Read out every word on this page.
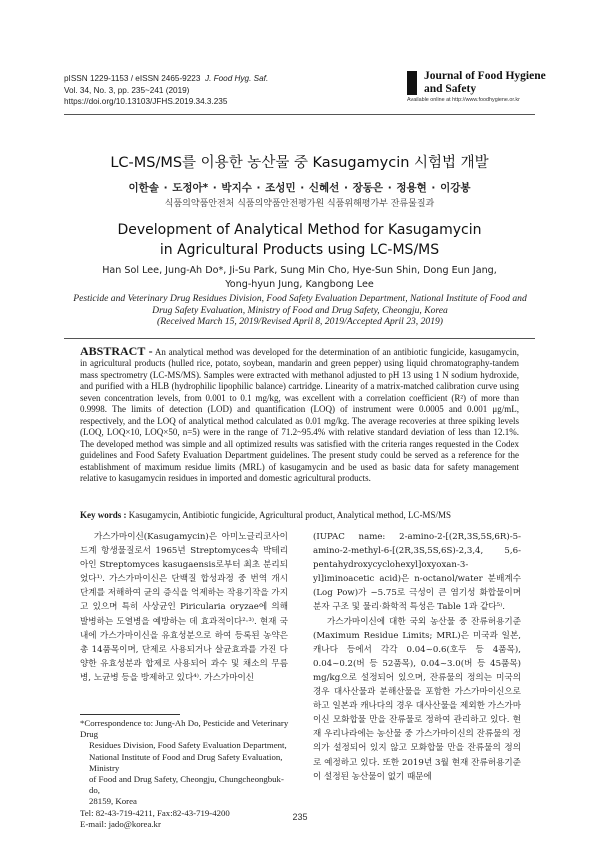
pISSN 1229-1153 / eISSN 2465-9223 J. Food Hyg. Saf.
Vol. 34, No. 3, pp. 235~241 (2019)
https://doi.org/10.13103/JFHS.2019.34.3.235
Journal of Food Hygiene
and Safety
Available online at http://www.foodhygiene.or.kr
LC-MS/MS를 이용한 농산물 중 Kasugamycin 시험법 개발
이한솔 · 도정아* · 박지수 · 조성민 · 신혜선 · 장동은 · 정용현 · 이강봉
식품의약품안전처 식품의약품안전평가원 식품위해평가부 잔류물질과
Development of Analytical Method for Kasugamycin
in Agricultural Products using LC-MS/MS
Han Sol Lee, Jung-Ah Do*, Ji-Su Park, Sung Min Cho, Hye-Sun Shin, Dong Eun Jang,
Yong-hyun Jung, Kangbong Lee
Pesticide and Veterinary Drug Residues Division, Food Safety Evaluation Department, National Institute of Food and
Drug Safety Evaluation, Ministry of Food and Drug Safety, Cheongju, Korea
(Received March 15, 2019/Revised April 8, 2019/Accepted April 23, 2019)
ABSTRACT - An analytical method was developed for the determination of an antibiotic fungicide, kasugamycin, in agricultural products (hulled rice, potato, soybean, mandarin and green pepper) using liquid chromatography-tandem mass spectrometry (LC-MS/MS). Samples were extracted with methanol adjusted to pH 13 using 1 N sodium hydroxide, and purified with a HLB (hydrophilic lipophilic balance) cartridge. Linearity of a matrix-matched calibration curve using seven concentration levels, from 0.001 to 0.1 mg/kg, was excellent with a correlation coefficient (R²) of more than 0.9998. The limits of detection (LOD) and quantification (LOQ) of instrument were 0.0005 and 0.001 μg/mL, respectively, and the LOQ of analytical method calculated as 0.01 mg/kg. The average recoveries at three spiking levels (LOQ, LOQ×10, LOQ×50, n=5) were in the range of 71.2~95.4% with relative standard deviation of less than 12.1%. The developed method was simple and all optimized results was satisfied with the criteria ranges requested in the Codex guidelines and Food Safety Evaluation Department guidelines. The present study could be served as a reference for the establishment of maximum residue limits (MRL) of kasugamycin and be used as basic data for safety management relative to kasugamycin residues in imported and domestic agricultural products.
Key words : Kasugamycin, Antibiotic fungicide, Agricultural product, Analytical method, LC-MS/MS

가스가마이신(Kasugamycin)은 아미노글리코사이드계 항생물질로서 1965년 Streptomyces속 박테리아인 Streptomyces kasugaensis로부터 최초 분리되었다¹⁾. 가스가마이신은 단백질 합성과정 중 번역 개시 단계를 저해하여 균의 증식을 억제하는 작용기작을 가지고 있으며 특히 사상균인 Piricularia oryzae에 의해 발병하는 도열병을 예방하는 데 효과적이다²·³⁾. 현재 국내에 가스가마이신을 유효성분으로 하여 등록된 농약은 총 14품목이며, 단제로 사용되거나 살균효과를 가진 다양한 유효성분과 합제로 사용되어 과수 및 채소의 무름병, 노균병 등을 방제하고 있다⁴⁾. 가스가마이신

(IUPAC name: 2-amino-2-[(2R,3S,5S,6R)-5-amino-2-methyl-6-[(2R,3S,5S,6S)-2,3,4, 5,6-pentahydroxycyclohexyl]oxyoxan-3-yl]iminoacetic acid)은 n-octanol/water 분배계수(Log Pow)가 −5.75로 극성이 큰 염기성 화합물이며 분자 구조 및 물리·화학적 특성은 Table 1과 같다⁵⁾.

가스가마이신에 대한 국외 농산물 중 잔류허용기준 (Maximum Residue Limits; MRL)은 미국과 일본, 캐나다 등에서 각각 0.04~0.6(호두 등 4품목), 0.04~0.2(버 등 52품목), 0.04~3.0(버 등 45품목) mg/kg으로 설정되어 있으며, 잔류물의 정의는 미국의 경우 대사산물과 분해산물을 포함한 가스가마이신으로 하고 일본과 캐나다의 경우 대사산물을 제외한 가스가마이신 모화합물 만을 잔류물로 정하여 관리하고 있다. 현재 우리나라에는 농산물 중 가스가마이신의 잔류물의 정의가 설정되어 있지 않고 모화합물 만을 잔류물의 정의로 예정하고 있다. 또한 2019년 3월 현재 잔류허용기준이 설정된 농산물이 없기 때문에

*Correspondence to: Jung-Ah Do, Pesticide and Veterinary Drug
Residues Division, Food Safety Evaluation Department,
National Institute of Food and Drug Safety Evaluation, Ministry
of Food and Drug Safety, Cheongju, Chungcheongbuk-do,
28159, Korea
Tel: 82-43-719-4211, Fax:82-43-719-4200
E-mail: jado@korea.kr
235
